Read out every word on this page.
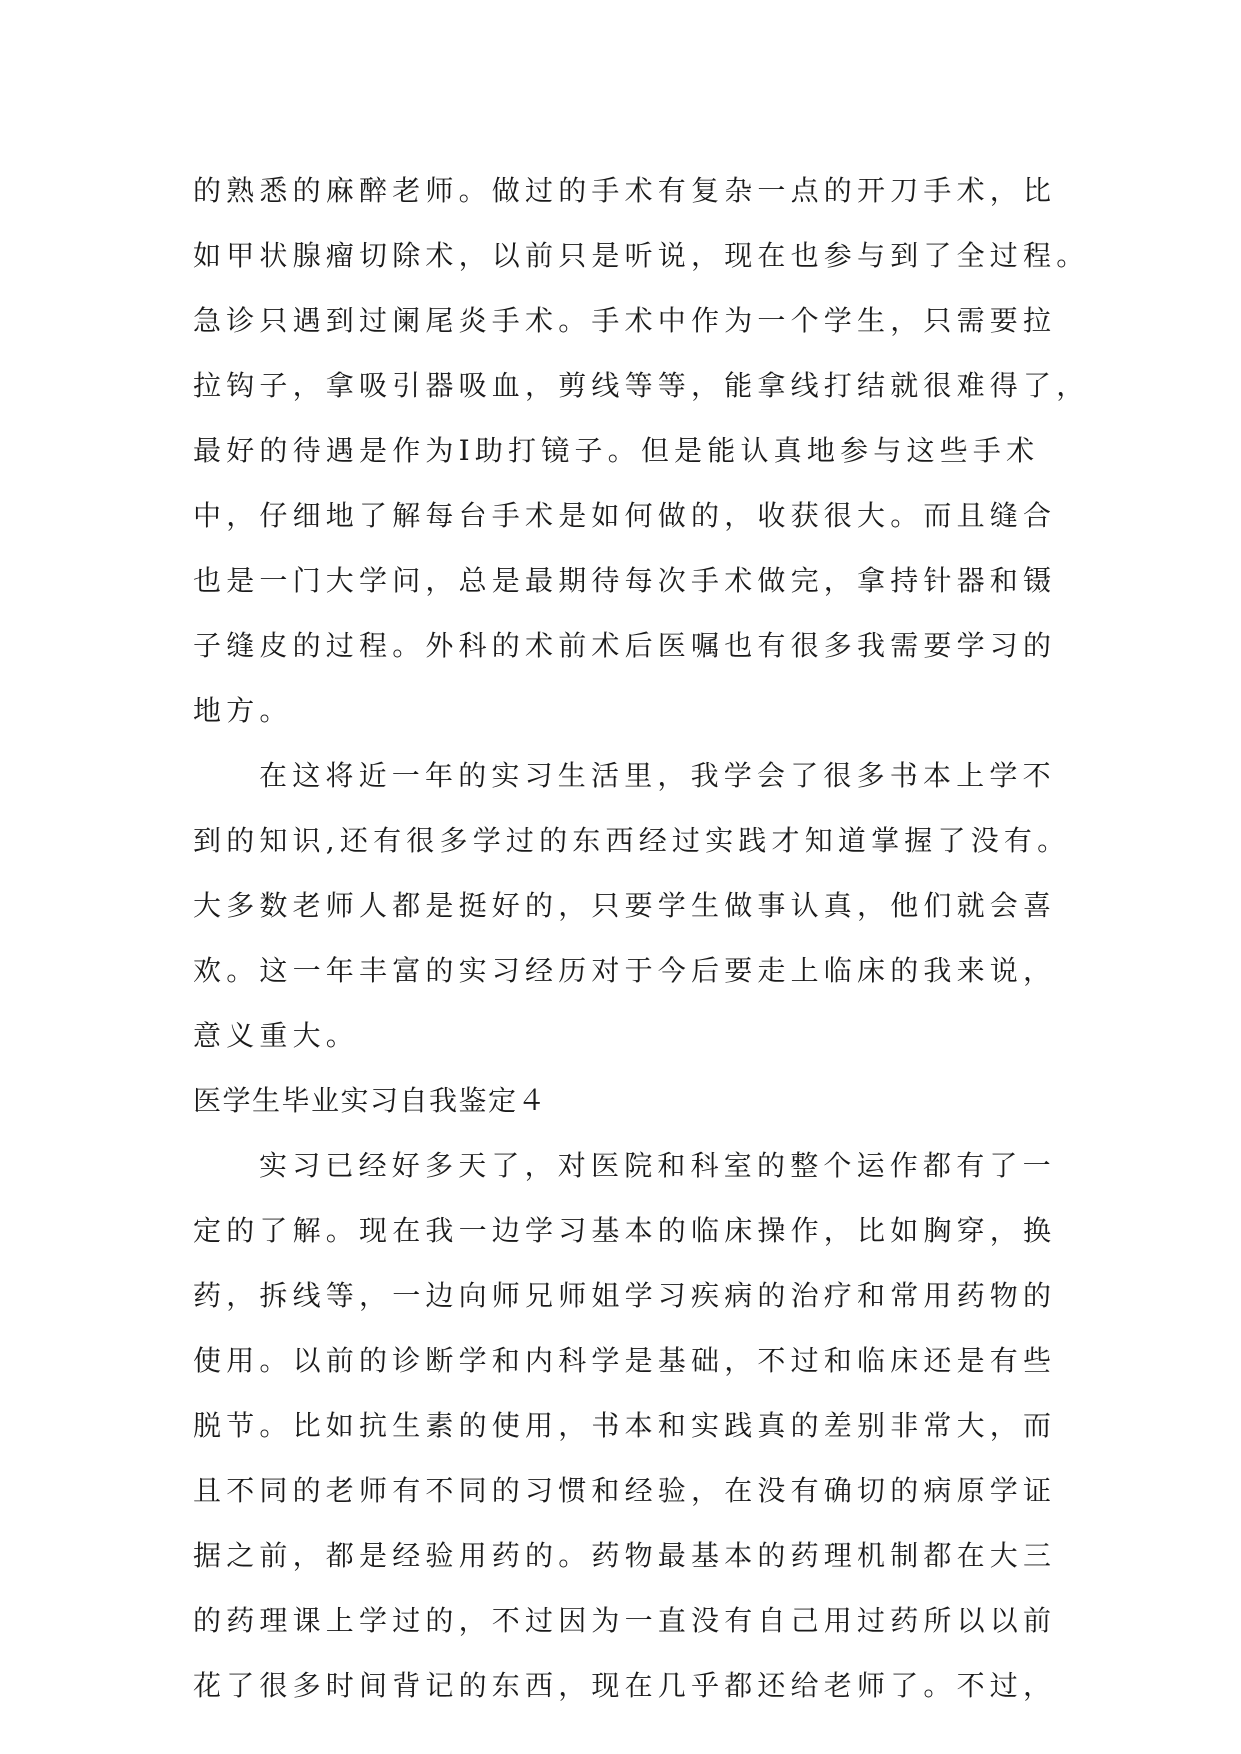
的熟悉的麻醉老师。做过的手术有复杂一点的开刀手术，比
如甲状腺瘤切除术，以前只是听说，现在也参与到了全过程。
急诊只遇到过阑尾炎手术。手术中作为一个学生，只需要拉
拉钩子，拿吸引器吸血，剪线等等，能拿线打结就很难得了，
最好的待遇是作为Ⅰ助打镜子。但是能认真地参与这些手术
中，仔细地了解每台手术是如何做的，收获很大。而且缝合
也是一门大学问，总是最期待每次手术做完，拿持针器和镊
子缝皮的过程。外科的术前术后医嘱也有很多我需要学习的
地方。
在这将近一年的实习生活里，我学会了很多书本上学不
到的知识,还有很多学过的东西经过实践才知道掌握了没有。
大多数老师人都是挺好的，只要学生做事认真，他们就会喜
欢。这一年丰富的实习经历对于今后要走上临床的我来说，
意义重大。
医学生毕业实习自我鉴定４
实习已经好多天了，对医院和科室的整个运作都有了一
定的了解。现在我一边学习基本的临床操作，比如胸穿，换
药，拆线等，一边向师兄师姐学习疾病的治疗和常用药物的
使用。以前的诊断学和内科学是基础，不过和临床还是有些
脱节。比如抗生素的使用，书本和实践真的差别非常大，而
且不同的老师有不同的习惯和经验，在没有确切的病原学证
据之前，都是经验用药的。药物最基本的药理机制都在大三
的药理课上学过的，不过因为一直没有自己用过药所以以前
花了很多时间背记的东西，现在几乎都还给老师了。不过，
